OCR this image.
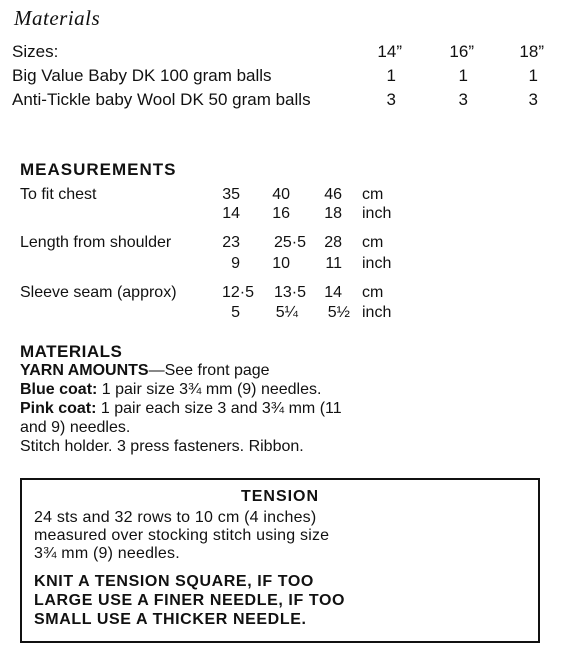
Materials
Sizes:	14”	16”	18”
Big Value Baby DK 100 gram balls	1	1	1
Anti-Tickle baby Wool DK 50 gram balls	3	3	3
MEASUREMENTS
To fit chest	35	40	46 cm
14	16	18 inch
Length from shoulder	23	25·5	28 cm
9	10	11 inch
Sleeve seam (approx)	12·5	13·5	14 cm
5	5¼	5½ inch
MATERIALS
YARN AMOUNTS—See front page
Blue coat: 1 pair size 3¾ mm (9) needles.
Pink coat: 1 pair each size 3 and 3¾ mm (11
and 9) needles.
Stitch holder. 3 press fasteners. Ribbon.
TENSION
24 sts and 32 rows to 10 cm (4 inches)
measured over stocking stitch using size
3¾ mm (9) needles.
KNIT A TENSION SQUARE, IF TOO
LARGE USE A FINER NEEDLE, IF TOO
SMALL USE A THICKER NEEDLE.
